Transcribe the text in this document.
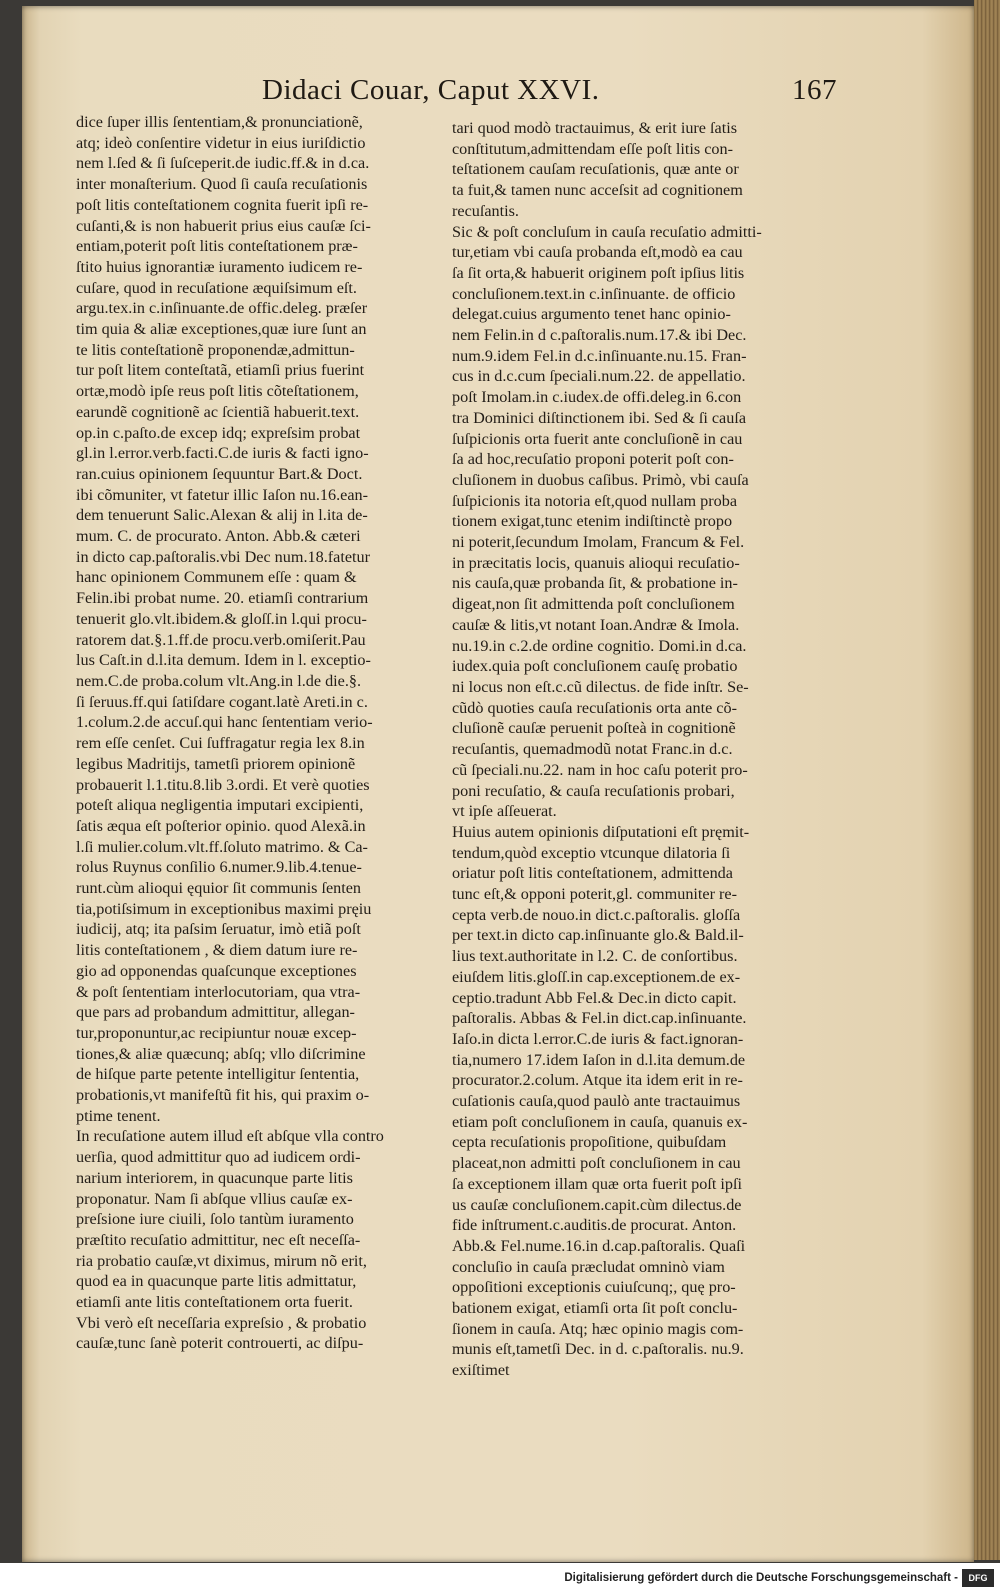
Didaci Couar, Caput XXVI.	167

dice ſuper illis ſententiam,& pronunciationẽ,

atq; ideò conſentire videtur in eius iuriſdictio

nem l.ſed & ſi ſuſceperit.de iudic.ff.& in d.ca.

inter monaſterium. Quod ſi cauſa recuſationis

poſt litis conteſtationem cognita fuerit ipſi re-

cuſanti,& is non habuerit prius eius cauſæ ſci-

entiam,poterit poſt litis conteſtationem præ-

ſtito huius ignorantiæ iuramento iudicem re-

cuſare, quod in recuſatione æquiſsimum eſt.

argu.tex.in c.inſinuante.de offic.deleg. præſer

tim quia & aliæ exceptiones,quæ iure ſunt an

te litis conteſtationẽ proponendæ,admittun-

tur poſt litem conteſtatã, etiamſi prius fuerint

ortæ,modò ipſe reus poſt litis cõteſtationem,

earundẽ cognitionẽ ac ſcientiã habuerit.text.

op.in c.paſto.de excep idq; expreſsim probat

gl.in l.error.verb.facti.C.de iuris & facti igno-

ran.cuius opinionem ſequuntur Bart.& Doct.

ibi cõmuniter, vt fatetur illic Iaſon nu.16.ean-

dem tenuerunt Salic.Alexan & alij in l.ita de-

mum. C. de procurato. Anton. Abb.& cæteri

in dicto cap.paſtoralis.vbi Dec num.18.fatetur

hanc opinionem Communem eſſe : quam &

Felin.ibi probat nume. 20. etiamſi contrarium

tenuerit glo.vlt.ibidem.& gloſſ.in l.qui procu-

ratorem dat.§.1.ff.de procu.verb.omiſerit.Pau

lus Caſt.in d.l.ita demum. Idem in l. exceptio-

nem.C.de proba.colum vlt.Ang.in l.de die.§.

ſi ſeruus.ff.qui ſatiſdare cogant.latè Areti.in c.

1.colum.2.de accuſ.qui hanc ſententiam verio-

rem eſſe cenſet. Cui ſuffragatur regia lex 8.in

legibus Madritijs, tametſi priorem opinionẽ

probauerit l.1.titu.8.lib 3.ordi. Et verè quoties

poteſt aliqua negligentia imputari excipienti,

ſatis æqua eſt poſterior opinio. quod Alexã.in

l.ſi mulier.colum.vlt.ff.ſoluto matrimo. & Ca-

rolus Ruynus conſilio 6.numer.9.lib.4.tenue-

runt.cùm alioqui ęquior ſit communis ſenten

tia,potiſsimum in exceptionibus maximi pręiu

iudicij, atq; ita paſsim ſeruatur, imò etiã poſt

litis conteſtationem , & diem datum iure re-

gio ad opponendas quaſcunque exceptiones

& poſt ſententiam interlocutoriam, qua vtra-

que pars ad probandum admittitur, allegan-

tur,proponuntur,ac recipiuntur nouæ excep-

tiones,& aliæ quæcunq; abſq; vllo diſcrimine

de hiſque parte petente intelligitur ſententia,

probationis,vt manifeſtũ fit his, qui praxim o-

ptime tenent.

In recuſatione autem illud eſt abſque vlla contro

uerſia, quod admittitur quo ad iudicem ordi-

narium interiorem, in quacunque parte litis

proponatur. Nam ſi abſque vllius cauſæ ex-

preſsione iure ciuili, ſolo tantùm iuramento

præſtito recuſatio admittitur, nec eſt neceſſa-

ria probatio cauſæ,vt diximus, mirum nõ erit,

quod ea in quacunque parte litis admittatur,

etiamſi ante litis conteſtationem orta fuerit.

Vbi verò eſt neceſſaria expreſsio , & probatio

cauſæ,tunc ſanè poterit controuerti, ac diſpu-

tari quod modò tractauimus, & erit iure ſatis

conſtitutum,admittendam eſſe poſt litis con-

teſtationem cauſam recuſationis, quæ ante or

ta fuit,& tamen nunc acceſsit ad cognitionem

recuſantis.

Sic & poſt concluſum in cauſa recuſatio admitti-

tur,etiam vbi cauſa probanda eſt,modò ea cau

ſa ſit orta,& habuerit originem poſt ipſius litis

concluſionem.text.in c.inſinuante. de officio

delegat.cuius argumento tenet hanc opinio-

nem Felin.in d c.paſtoralis.num.17.& ibi Dec.

num.9.idem Fel.in d.c.inſinuante.nu.15. Fran-

cus in d.c.cum ſpeciali.num.22. de appellatio.

poſt Imolam.in c.iudex.de offi.deleg.in 6.con

tra Dominici diſtinctionem ibi. Sed & ſi cauſa

ſuſpicionis orta fuerit ante concluſionẽ in cau

ſa ad hoc,recuſatio proponi poterit poſt con-

cluſionem in duobus caſibus. Primò, vbi cauſa

ſuſpicionis ita notoria eſt,quod nullam proba

tionem exigat,tunc etenim indiſtinctè propo

ni poterit,ſecundum Imolam, Francum & Fel.

in præcitatis locis, quanuis alioqui recuſatio-

nis cauſa,quæ probanda ſit, & probatione in-

digeat,non ſit admittenda poſt concluſionem

cauſæ & litis,vt notant Ioan.Andræ & Imola.

nu.19.in c.2.de ordine cognitio. Domi.in d.ca.

iudex.quia poſt concluſionem cauſę probatio

ni locus non eſt.c.cũ dilectus. de fide inſtr. Se-

cũdò quoties cauſa recuſationis orta ante cõ-

cluſionẽ cauſæ peruenit poſteà in cognitionẽ

recuſantis, quemadmodũ notat Franc.in d.c.

cũ ſpeciali.nu.22. nam in hoc caſu poterit pro-

poni recuſatio, & cauſa recuſationis probari,

vt ipſe aſſeuerat.

Huius autem opinionis diſputationi eſt pręmit-

tendum,quòd exceptio vtcunque dilatoria ſi

oriatur poſt litis conteſtationem, admittenda

tunc eſt,& opponi poterit,gl. communiter re-

cepta verb.de nouo.in dict.c.paſtoralis. gloſſa

per text.in dicto cap.inſinuante glo.& Bald.il-

lius text.authoritate in l.2. C. de conſortibus.

eiuſdem litis.gloſſ.in cap.exceptionem.de ex-

ceptio.tradunt Abb Fel.& Dec.in dicto capit.

paſtoralis. Abbas & Fel.in dict.cap.inſinuante.

Iaſo.in dicta l.error.C.de iuris & fact.ignoran-

tia,numero 17.idem Iaſon in d.l.ita demum.de

procurator.2.colum. Atque ita idem erit in re-

cuſationis cauſa,quod paulò ante tractauimus

etiam poſt concluſionem in cauſa, quanuis ex-

cepta recuſationis propoſitione, quibuſdam

placeat,non admitti poſt concluſionem in cau

ſa exceptionem illam quæ orta fuerit poſt ipſi

us cauſæ concluſionem.capit.cùm dilectus.de

fide inſtrument.c.auditis.de procurat. Anton.

Abb.& Fel.nume.16.in d.cap.paſtoralis. Quaſi

concluſio in cauſa præcludat omninò viam

oppoſitioni exceptionis cuiuſcunq;, quę pro-

bationem exigat, etiamſi orta ſit poſt conclu-

ſionem in cauſa. Atq; hæc opinio magis com-

munis eſt,tametſi Dec. in d. c.paſtoralis. nu.9.

exiſtimet

Digitalisierung gefördert durch die Deutsche Forschungsgemeinschaft -	DFG
